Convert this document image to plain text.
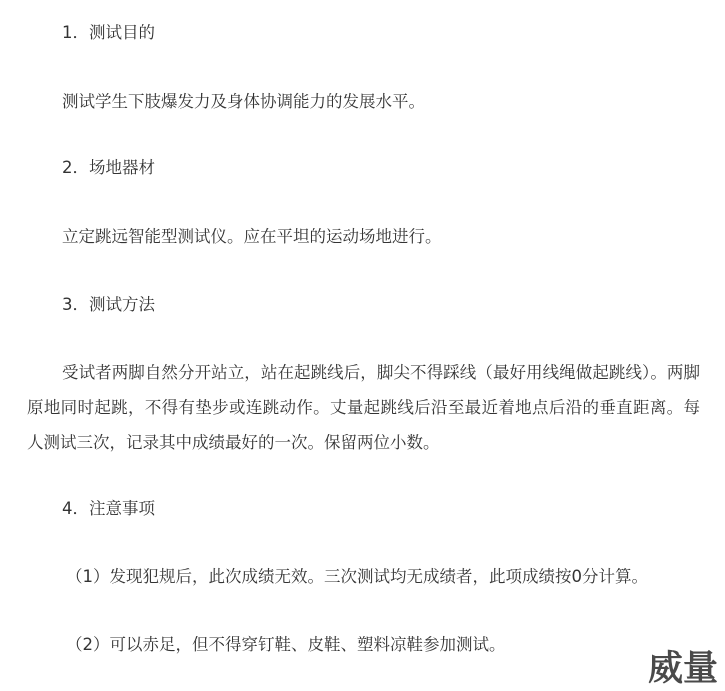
1．测试目的

测试学生下肢爆发力及身体协调能力的发展水平。

2．场地器材

立定跳远智能型测试仪。应在平坦的运动场地进行。

3．测试方法

受试者两脚自然分开站立，站在起跳线后，脚尖不得踩线（最好用线绳做起跳线）。两脚原地同时起跳，不得有垫步或连跳动作。丈量起跳线后沿至最近着地点后沿的垂直距离。每人测试三次，记录其中成绩最好的一次。保留两位小数。

4．注意事项

（1）发现犯规后，此次成绩无效。三次测试均无成绩者，此项成绩按0分计算。

（2）可以赤足，但不得穿钉鞋、皮鞋、塑料凉鞋参加测试。

威量
